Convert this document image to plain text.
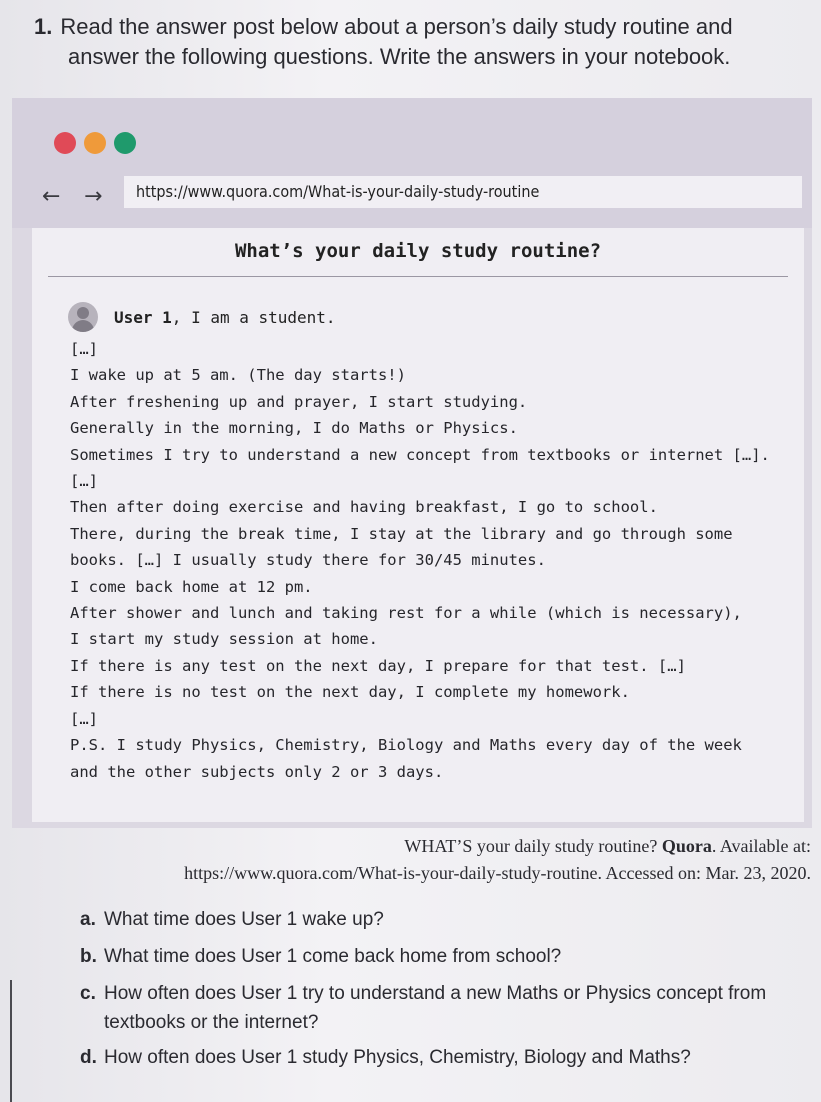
1. Read the answer post below about a person’s daily study routine and
answer the following questions. Write the answers in your notebook.
← →	https://www.quora.com/What-is-your-daily-study-routine
What’s your daily study routine?
User 1, I am a student.

[…]

I wake up at 5 am. (The day starts!)

After freshening up and prayer, I start studying.

Generally in the morning, I do Maths or Physics.

Sometimes I try to understand a new concept from textbooks or internet […].

[…]

Then after doing exercise and having breakfast, I go to school.

There, during the break time, I stay at the library and go through some

books. […] I usually study there for 30/45 minutes.

I come back home at 12 pm.

After shower and lunch and taking rest for a while (which is necessary),

I start my study session at home.

If there is any test on the next day, I prepare for that test. […]

If there is no test on the next day, I complete my homework.

[…]

P.S. I study Physics, Chemistry, Biology and Maths every day of the week

and the other subjects only 2 or 3 days.

WHAT’S your daily study routine? Quora. Available at:
https://www.quora.com/What-is-your-daily-study-routine. Accessed on: Mar. 23, 2020.
a. What time does User 1 wake up?
b. What time does User 1 come back home from school?
c. How often does User 1 try to understand a new Maths or Physics concept from textbooks or the internet?
d. How often does User 1 study Physics, Chemistry, Biology and Maths?
